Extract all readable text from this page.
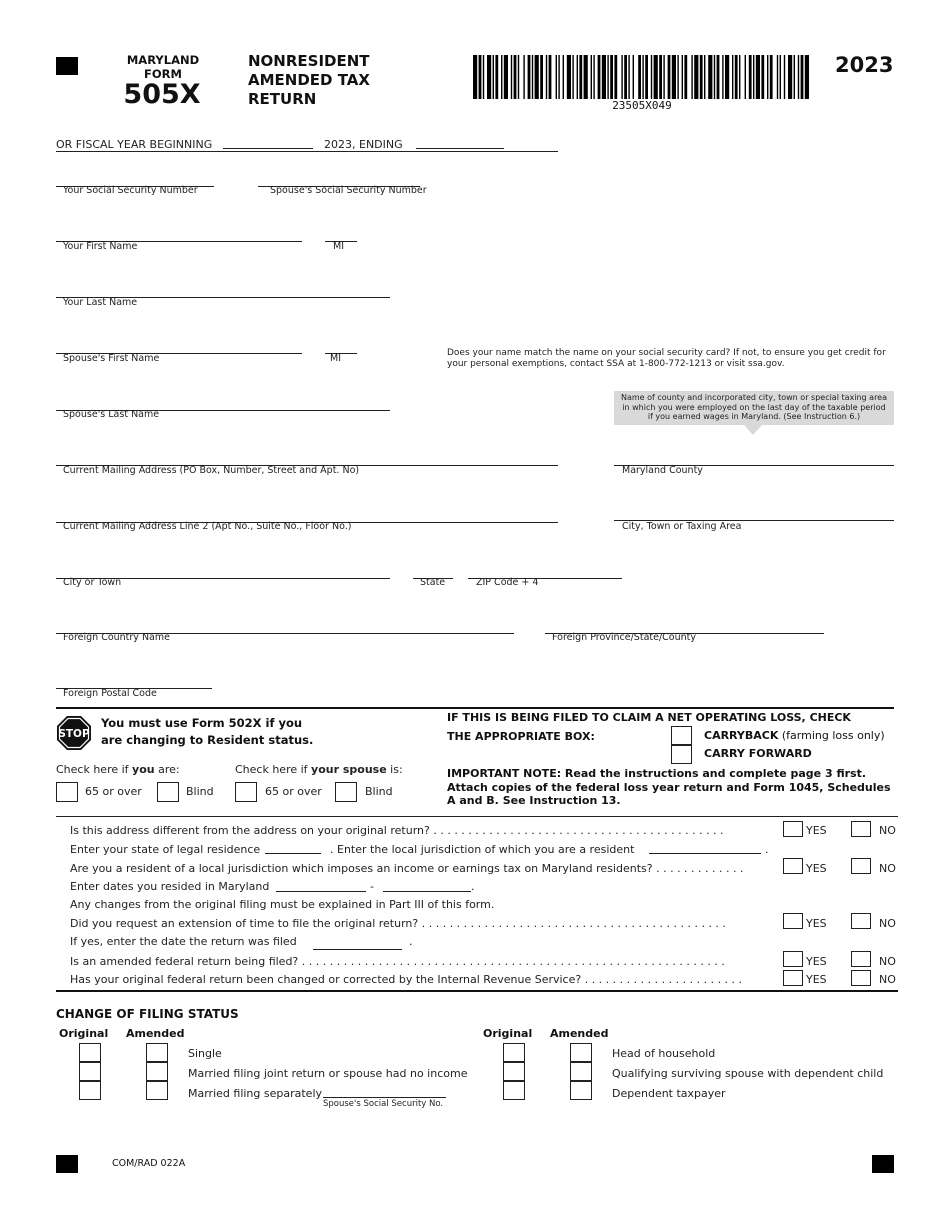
MARYLAND
FORM
505X
NONRESIDENT
AMENDED TAX
RETURN	23505X049
2023
OR FISCAL YEAR BEGINNING	2023, ENDING
Your Social Security Number	Spouse's Social Security Number
Your First Name	MI
Your Last Name
Spouse's First Name	MI	Does your name match the name on your social security card? If not, to ensure you get credit for your personal exemptions, contact SSA at 1-800-772-1213 or visit ssa.gov.
Spouse's Last Name
Name of county and incorporated city, town or special taxing area in which you were employed on the last day of the taxable period if you earned wages in Maryland. (See Instruction 6.)
Current Mailing Address (PO Box, Number, Street and Apt. No)	Maryland County
Current Mailing Address Line 2 (Apt No., Suite No., Floor No.)	City, Town or Taxing Area
City or Town	State	ZIP Code + 4
Foreign Country Name	Foreign Province/State/County
Foreign Postal Code
STOP
You must use Form 502X if you
are changing to Resident status.
Check here if you are:	Check here if your spouse is:
65 or over	Blind	65 or over	Blind
IF THIS IS BEING FILED TO CLAIM A NET OPERATING LOSS, CHECK
THE APPROPRIATE BOX:	CARRYBACK (farming loss only)
CARRY FORWARD
IMPORTANT NOTE: Read the instructions and complete page 3 first. Attach copies of the federal loss year return and Form 1045, Schedules A and B. See Instruction 13.
Is this address different from the address on your original return? . . . . . . . . . . . . . . . . . . . . . . . . . . . . . . . . . . . . . . . . . .	YES	NO
Enter your state of legal residence	. Enter the local jurisdiction of which you are a resident	.
Are you a resident of a local jurisdiction which imposes an income or earnings tax on Maryland residents? . . . . . . . . . . . . .	YES	NO
Enter dates you resided in Maryland	-	.
Any changes from the original filing must be explained in Part III of this form.
Did you request an extension of time to file the original return? . . . . . . . . . . . . . . . . . . . . . . . . . . . . . . . . . . . . . . . . . . . .	YES	NO
If yes, enter the date the return was filed	.
Is an amended federal return being filed? . . . . . . . . . . . . . . . . . . . . . . . . . . . . . . . . . . . . . . . . . . . . . . . . . . . . . . . . . . . . .	YES	NO
Has your original federal return been changed or corrected by the Internal Revenue Service? . . . . . . . . . . . . . . . . . . . . . . .	YES	NO
CHANGE OF FILING STATUS
Original Amended	Original Amended
Single
Married filing joint return or spouse had no income
Married filing separately
Spouse's Social Security No.
Head of household
Qualifying surviving spouse with dependent child
Dependent taxpayer
COM/RAD 022A
